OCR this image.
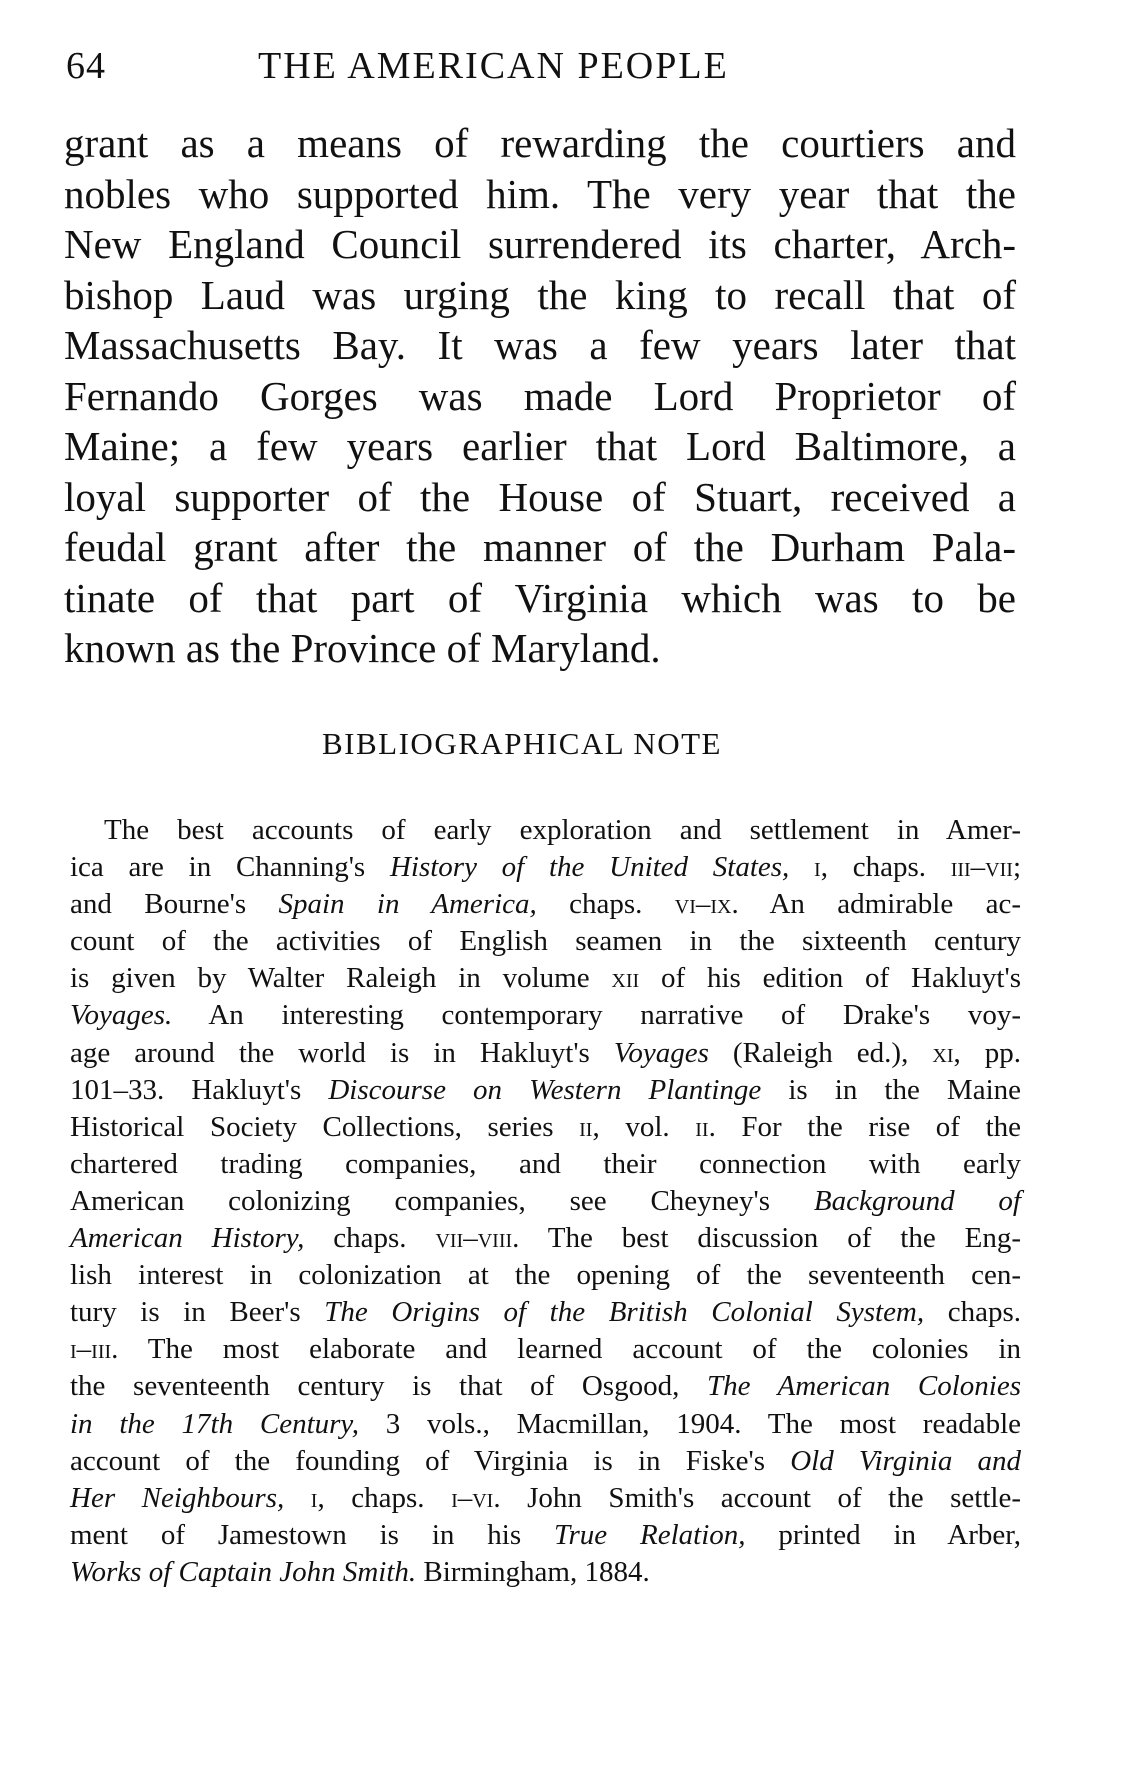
64	THE AMERICAN PEOPLE
grant as a means of rewarding the courtiers and
nobles who supported him. The very year that the
New England Council surrendered its charter, Arch-
bishop Laud was urging the king to recall that of
Massachusetts Bay. It was a few years later that
Fernando Gorges was made Lord Proprietor of
Maine; a few years earlier that Lord Baltimore, a
loyal supporter of the House of Stuart, received a
feudal grant after the manner of the Durham Pala-
tinate of that part of Virginia which was to be
known as the Province of Maryland.
BIBLIOGRAPHICAL NOTE
The best accounts of early exploration and settlement in Amer-
ica are in Channing's History of the United States, i, chaps. iii–vii;
and Bourne's Spain in America, chaps. vi–ix. An admirable ac-
count of the activities of English seamen in the sixteenth century
is given by Walter Raleigh in volume xii of his edition of Hakluyt's
Voyages. An interesting contemporary narrative of Drake's voy-
age around the world is in Hakluyt's Voyages (Raleigh ed.), xi, pp.
101–33. Hakluyt's Discourse on Western Plantinge is in the Maine
Historical Society Collections, series ii, vol. ii. For the rise of the
chartered trading companies, and their connection with early
American colonizing companies, see Cheyney's Background of
American History, chaps. vii–viii. The best discussion of the Eng-
lish interest in colonization at the opening of the seventeenth cen-
tury is in Beer's The Origins of the British Colonial System, chaps.
i–iii. The most elaborate and learned account of the colonies in
the seventeenth century is that of Osgood, The American Colonies
in the 17th Century, 3 vols., Macmillan, 1904. The most readable
account of the founding of Virginia is in Fiske's Old Virginia and
Her Neighbours, i, chaps. i–vi. John Smith's account of the settle-
ment of Jamestown is in his True Relation, printed in Arber,
Works of Captain John Smith. Birmingham, 1884.
